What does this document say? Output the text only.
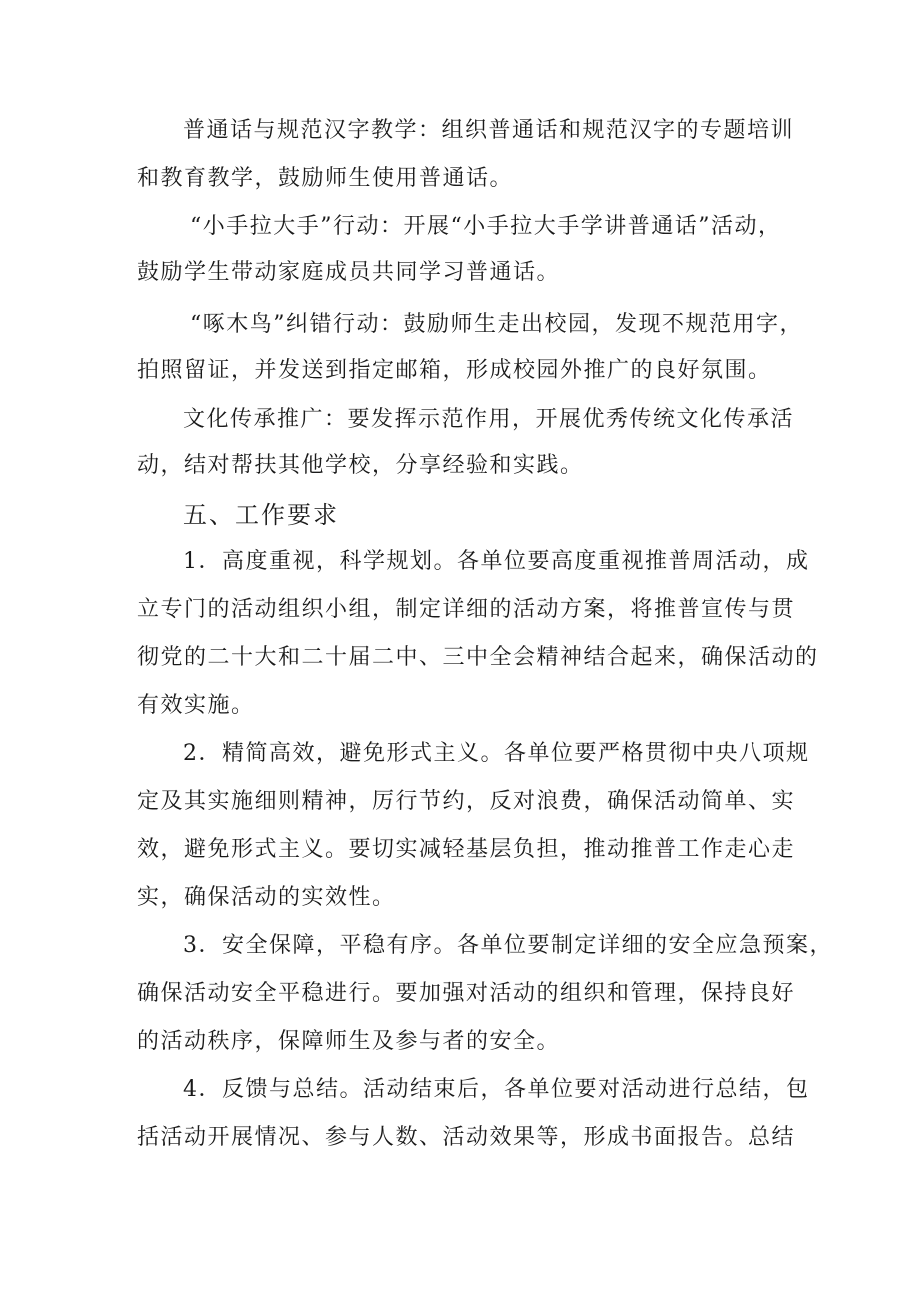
普通话与规范汉字教学：组织普通话和规范汉字的专题培训
和教育教学，鼓励师生使用普通话。
“小手拉大手”行动：开展“小手拉大手学讲普通话”活动，
鼓励学生带动家庭成员共同学习普通话。
“啄木鸟”纠错行动：鼓励师生走出校园，发现不规范用字，
拍照留证，并发送到指定邮箱，形成校园外推广的良好氛围。
文化传承推广：要发挥示范作用，开展优秀传统文化传承活
动，结对帮扶其他学校，分享经验和实践。
五、工作要求
1．高度重视，科学规划。各单位要高度重视推普周活动，成
立专门的活动组织小组，制定详细的活动方案，将推普宣传与贯
彻党的二十大和二十届二中、三中全会精神结合起来，确保活动的
有效实施。
2．精简高效，避免形式主义。各单位要严格贯彻中央八项规
定及其实施细则精神，厉行节约，反对浪费，确保活动简单、实
效，避免形式主义。要切实减轻基层负担，推动推普工作走心走
实，确保活动的实效性。
3．安全保障，平稳有序。各单位要制定详细的安全应急预案，
确保活动安全平稳进行。要加强对活动的组织和管理，保持良好
的活动秩序，保障师生及参与者的安全。
4．反馈与总结。活动结束后，各单位要对活动进行总结，包
括活动开展情况、参与人数、活动效果等，形成书面报告。总结
